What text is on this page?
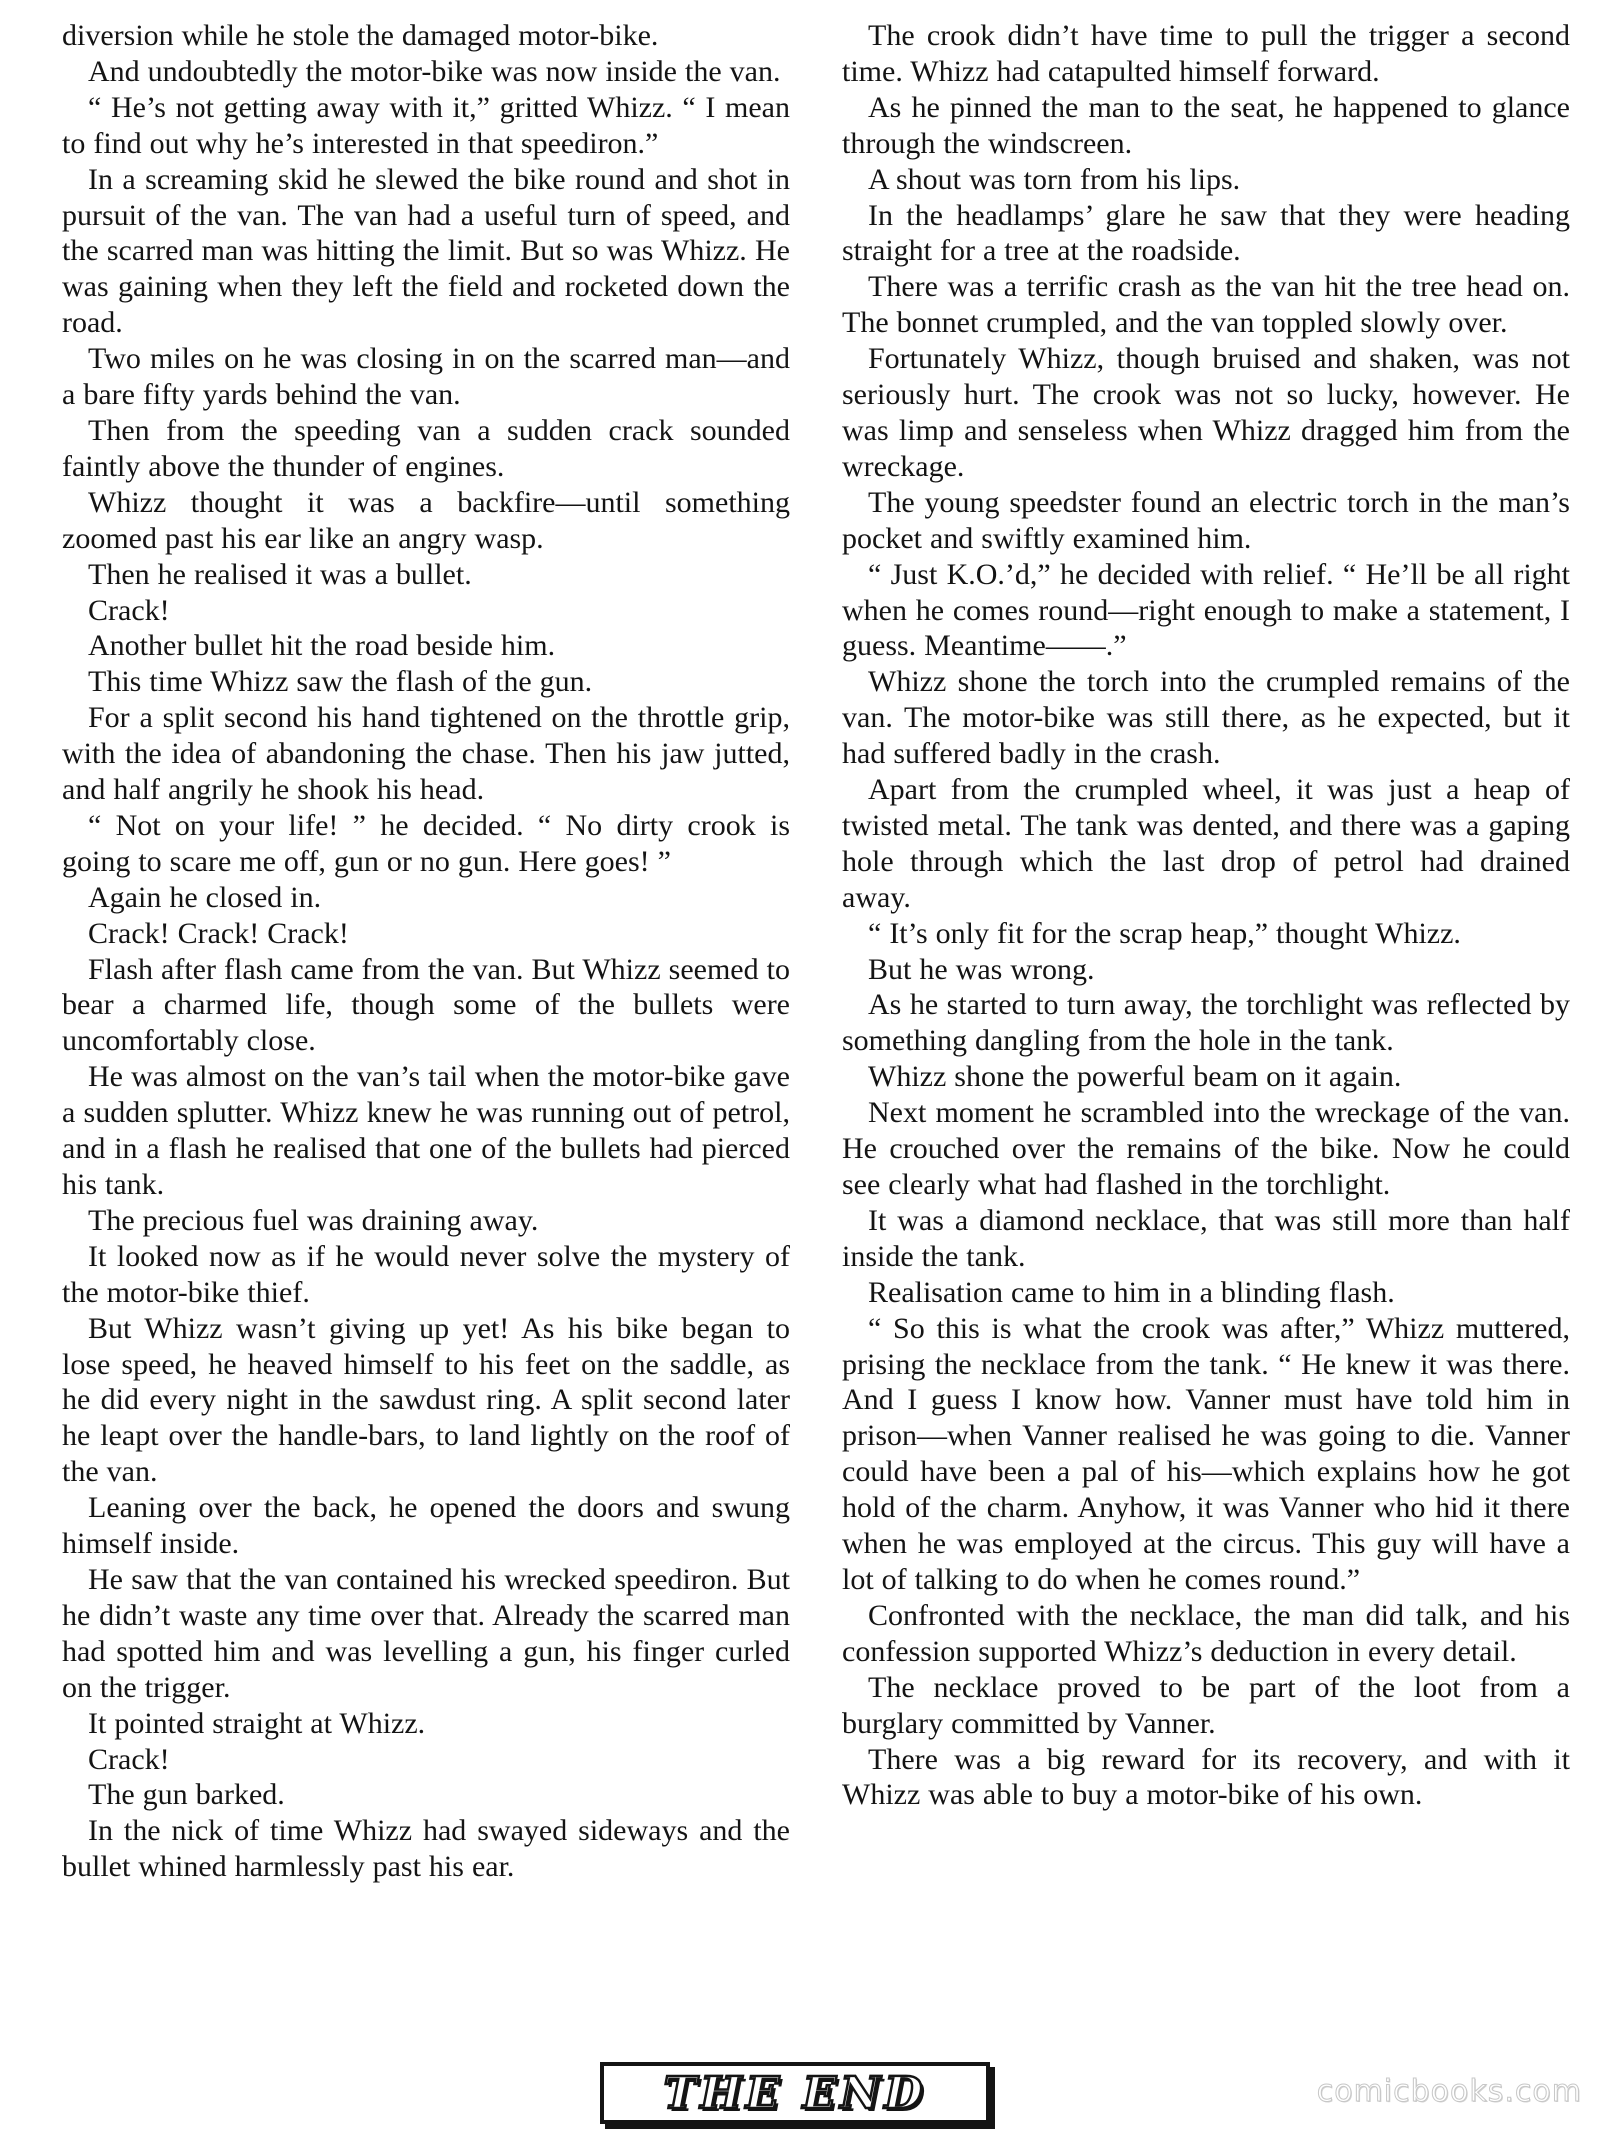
diversion while he stole the damaged motor-bike.

And undoubtedly the motor-bike was now inside the van.

“ He’s not getting away with it,” gritted Whizz. “ I mean to find out why he’s interested in that speediron.”

In a screaming skid he slewed the bike round and shot in pursuit of the van. The van had a useful turn of speed, and the scarred man was hitting the limit. But so was Whizz. He was gaining when they left the field and rocketed down the road.

Two miles on he was closing in on the scarred man—and a bare fifty yards behind the van.

Then from the speeding van a sudden crack sounded faintly above the thunder of engines.

Whizz thought it was a backfire—until something zoomed past his ear like an angry wasp.

Then he realised it was a bullet.

Crack!

Another bullet hit the road beside him.

This time Whizz saw the flash of the gun.

For a split second his hand tightened on the throttle grip, with the idea of abandoning the chase. Then his jaw jutted, and half angrily he shook his head.

“ Not on your life! ” he decided. “ No dirty crook is going to scare me off, gun or no gun. Here goes! ”

Again he closed in.

Crack! Crack! Crack!

Flash after flash came from the van. But Whizz seemed to bear a charmed life, though some of the bullets were uncomfortably close.

He was almost on the van’s tail when the motor-bike gave a sudden splutter. Whizz knew he was running out of petrol, and in a flash he realised that one of the bullets had pierced his tank.

The precious fuel was draining away.

It looked now as if he would never solve the mystery of the motor-bike thief.

But Whizz wasn’t giving up yet! As his bike began to lose speed, he heaved himself to his feet on the saddle, as he did every night in the sawdust ring. A split second later he leapt over the handle-bars, to land lightly on the roof of the van.

Leaning over the back, he opened the doors and swung himself inside.

He saw that the van contained his wrecked speediron. But he didn’t waste any time over that. Already the scarred man had spotted him and was levelling a gun, his finger curled on the trigger.

It pointed straight at Whizz.

Crack!

The gun barked.

In the nick of time Whizz had swayed sideways and the bullet whined harmlessly past his ear.

The crook didn’t have time to pull the trigger a second time. Whizz had catapulted himself forward.

As he pinned the man to the seat, he happened to glance through the windscreen.

A shout was torn from his lips.

In the headlamps’ glare he saw that they were heading straight for a tree at the roadside.

There was a terrific crash as the van hit the tree head on. The bonnet crumpled, and the van toppled slowly over.

Fortunately Whizz, though bruised and shaken, was not seriously hurt. The crook was not so lucky, however. He was limp and senseless when Whizz dragged him from the wreckage.

The young speedster found an electric torch in the man’s pocket and swiftly examined him.

“ Just K.O.’d,” he decided with relief. “ He’ll be all right when he comes round—right enough to make a statement, I guess. Meantime——.”

Whizz shone the torch into the crumpled remains of the van. The motor-bike was still there, as he expected, but it had suffered badly in the crash.

Apart from the crumpled wheel, it was just a heap of twisted metal. The tank was dented, and there was a gaping hole through which the last drop of petrol had drained away.

“ It’s only fit for the scrap heap,” thought Whizz.

But he was wrong.

As he started to turn away, the torchlight was reflected by something dangling from the hole in the tank.

Whizz shone the powerful beam on it again.

Next moment he scrambled into the wreckage of the van. He crouched over the remains of the bike. Now he could see clearly what had flashed in the torchlight.

It was a diamond necklace, that was still more than half inside the tank.

Realisation came to him in a blinding flash.

“ So this is what the crook was after,” Whizz muttered, prising the necklace from the tank. “ He knew it was there. And I guess I know how. Vanner must have told him in prison—when Vanner realised he was going to die. Vanner could have been a pal of his—which explains how he got hold of the charm. Anyhow, it was Vanner who hid it there when he was employed at the circus. This guy will have a lot of talking to do when he comes round.”

Confronted with the necklace, the man did talk, and his confession supported Whizz’s deduction in every detail.

The necklace proved to be part of the loot from a burglary committed by Vanner.

There was a big reward for its recovery, and with it Whizz was able to buy a motor-bike of his own.

THE END	comicbooks.com
